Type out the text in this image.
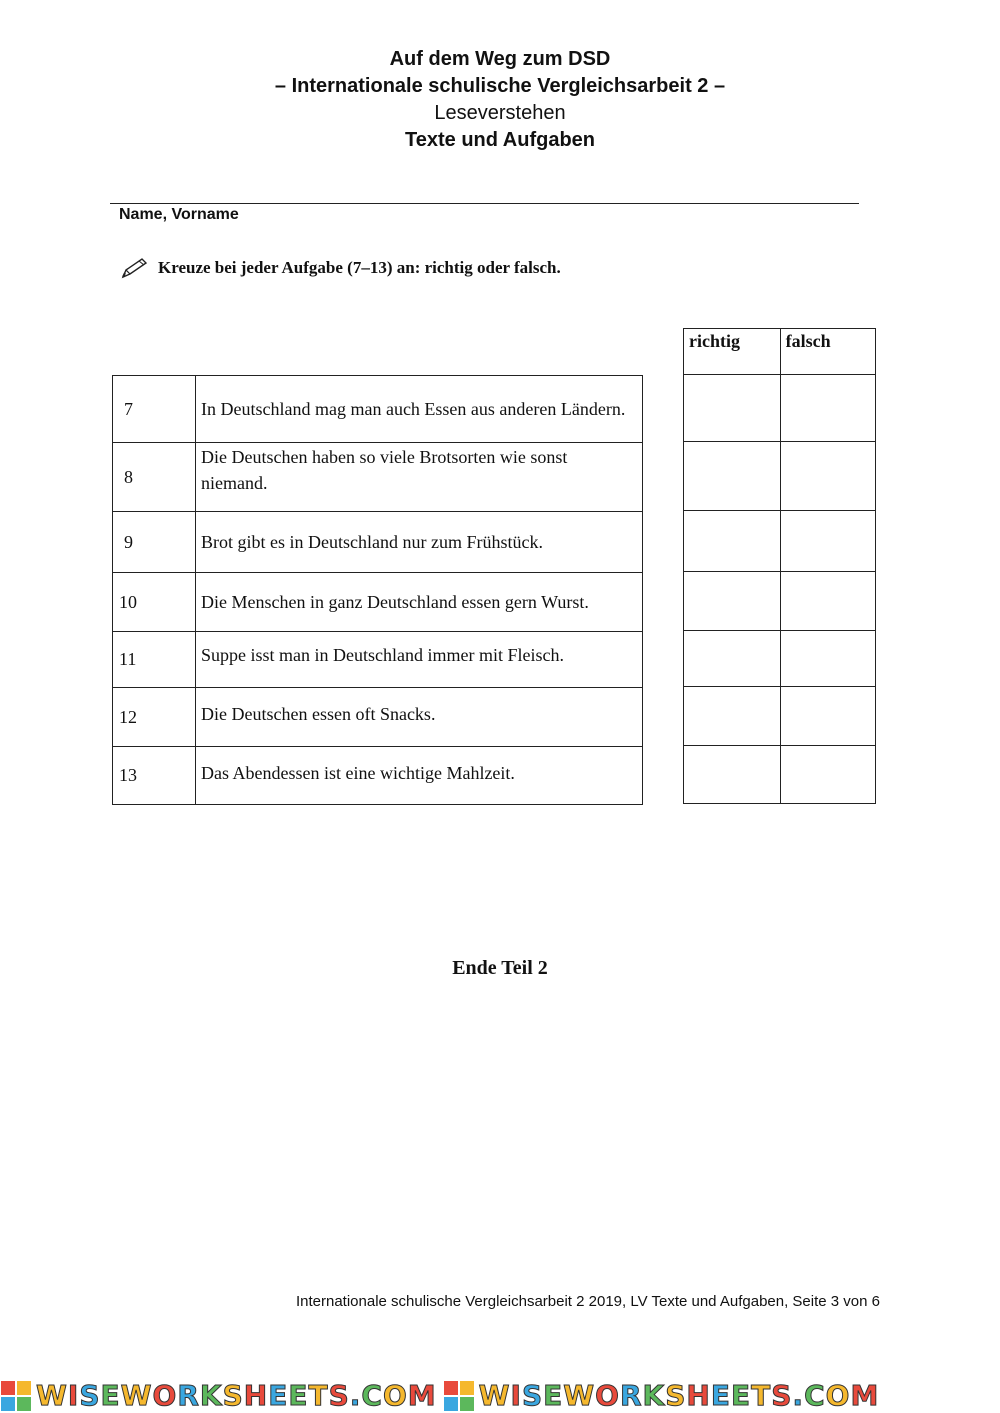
Auf dem Weg zum DSD
– Internationale schulische Vergleichsarbeit 2 –
Leseverstehen
Texte und Aufgaben
Name, Vorname
Kreuze bei jeder Aufgabe (7–13) an: richtig oder falsch.
7	In Deutschland mag man auch Essen aus anderen Ländern.
8	Die Deutschen haben so viele Brotsorten wie sonst niemand.
9	Brot gibt es in Deutschland nur zum Frühstück.
10	Die Menschen in ganz Deutschland essen gern Wurst.
11	Suppe isst man in Deutschland immer mit Fleisch.
12	Die Deutschen essen oft Snacks.
13	Das Abendessen ist eine wichtige Mahlzeit.
richtig	falsch

Ende Teil 2
Internationale schulische Vergleichsarbeit 2 2019, LV Texte und Aufgaben, Seite 3 von 6
WISEWORKSHEETS.COM WISEWORKSHEETS.COM
